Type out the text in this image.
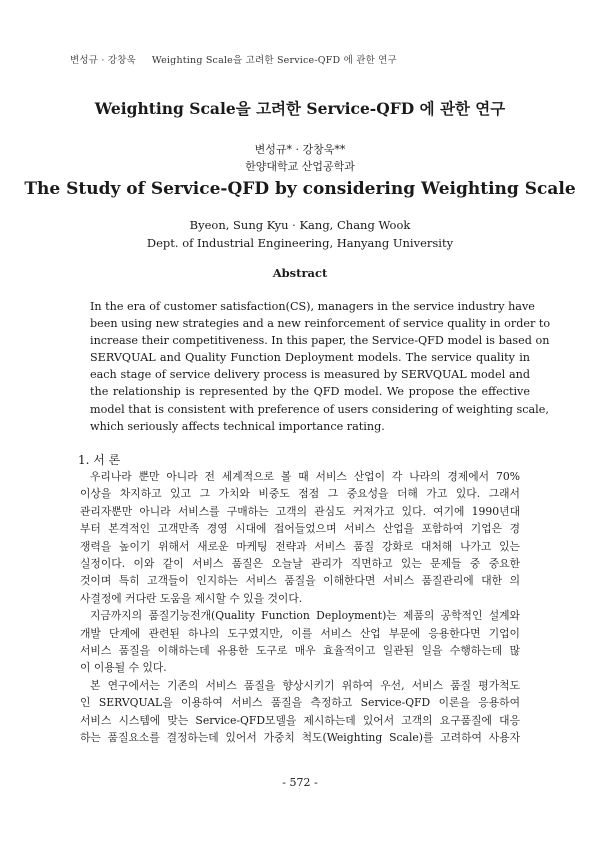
변성규 · 강창욱 Weighting Scale을 고려한 Service-QFD 에 관한 연구
Weighting Scale을 고려한 Service-QFD 에 관한 연구
변성규* · 강창욱**
한양대학교 산업공학과
The Study of Service-QFD by considering Weighting Scale
Byeon, Sung Kyu · Kang, Chang Wook
Dept. of Industrial Engineering, Hanyang University
Abstract
In the era of customer satisfaction(CS), managers in the service industry have
been using new strategies and a new reinforcement of service quality in order to
increase their competitiveness. In this paper, the Service-QFD model is based on
SERVQUAL and Quality Function Deployment models. The service quality in
each stage of service delivery process is measured by SERVQUAL model and
the relationship is represented by the QFD model. We propose the effective
model that is consistent with preference of users considering of weighting scale,
which seriously affects technical importance rating.
1. 서 론
우리나라 뿐만 아니라 전 세계적으로 볼 때 서비스 산업이 각 나라의 경제에서 70%
이상을 차지하고 있고 그 가치와 비중도 점점 그 중요성을 더해 가고 있다. 그래서
관리자뿐만 아니라 서비스를 구매하는 고객의 관심도 커져가고 있다. 여기에 1990년대
부터 본격적인 고객만족 경영 시대에 접어들었으며 서비스 산업을 포함하여 기업은 경
쟁력을 높이기 위해서 새로운 마케팅 전략과 서비스 품질 강화로 대처해 나가고 있는
실정이다. 이와 같이 서비스 품질은 오늘날 관리가 직면하고 있는 문제들 중 중요한
것이며 특히 고객들이 인지하는 서비스 품질을 이해한다면 서비스 품질관리에 대한 의
사결정에 커다란 도움을 제시할 수 있을 것이다.
지금까지의 품질기능전개(Quality Function Deployment)는 제품의 공학적인 설계와
개발 단계에 관련된 하나의 도구였지만, 이를 서비스 산업 부문에 응용한다면 기업이
서비스 품질을 이해하는데 유용한 도구로 매우 효율적이고 일관된 일을 수행하는데 많
이 이용될 수 있다.
본 연구에서는 기존의 서비스 품질을 향상시키기 위하여 우선, 서비스 품질 평가척도
인 SERVQUAL을 이용하여 서비스 품질을 측정하고 Service-QFD 이론을 응용하여
서비스 시스템에 맞는 Service-QFD모델을 제시하는데 있어서 고객의 요구품질에 대응
하는 품질요소를 결정하는데 있어서 가중치 척도(Weighting Scale)를 고려하여 사용자
- 572 -
